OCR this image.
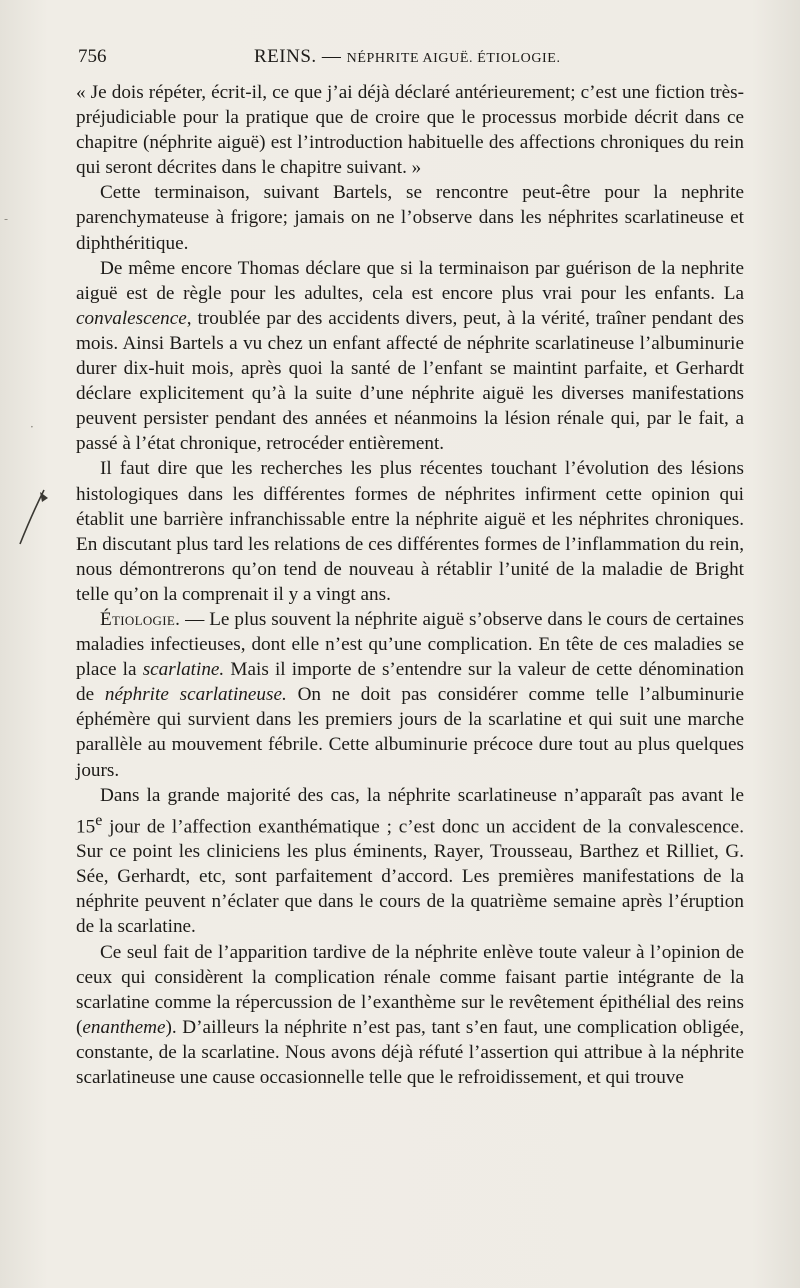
756	REINS. — NÉPHRITE AIGUË. ÉTIOLOGIE.
-
·

« Je dois répéter, écrit-il, ce que j’ai déjà déclaré antérieurement; c’est une fiction très-préjudiciable pour la pratique que de croire que le processus morbide décrit dans ce chapitre (néphrite aiguë) est l’introduction habituelle des affections chroniques du rein qui seront décrites dans le chapitre suivant. »

Cette terminaison, suivant Bartels, se rencontre peut-être pour la nephrite parenchymateuse à frigore; jamais on ne l’observe dans les néphrites scarlatineuse et diphthéritique.

De même encore Thomas déclare que si la terminaison par guérison de la nephrite aiguë est de règle pour les adultes, cela est encore plus vrai pour les enfants. La convalescence, troublée par des accidents divers, peut, à la vérité, traîner pendant des mois. Ainsi Bartels a vu chez un enfant affecté de néphrite scarlatineuse l’albuminurie durer dix-huit mois, après quoi la santé de l’enfant se maintint parfaite, et Gerhardt déclare explicitement qu’à la suite d’une néphrite aiguë les diverses manifestations peuvent persister pendant des années et néanmoins la lésion rénale qui, par le fait, a passé à l’état chronique, retrocéder entièrement.

Il faut dire que les recherches les plus récentes touchant l’évolution des lésions histologiques dans les différentes formes de néphrites infirment cette opinion qui établit une barrière infranchissable entre la néphrite aiguë et les néphrites chroniques. En discutant plus tard les relations de ces différentes formes de l’inflammation du rein, nous démontrerons qu’on tend de nouveau à rétablir l’unité de la maladie de Bright telle qu’on la comprenait il y a vingt ans.

Étiologie. — Le plus souvent la néphrite aiguë s’observe dans le cours de certaines maladies infectieuses, dont elle n’est qu’une complication. En tête de ces maladies se place la scarlatine. Mais il importe de s’entendre sur la valeur de cette dénomination de néphrite scarlatineuse. On ne doit pas considérer comme telle l’albuminurie éphémère qui survient dans les premiers jours de la scarlatine et qui suit une marche parallèle au mouvement fébrile. Cette albuminurie précoce dure tout au plus quelques jours.

Dans la grande majorité des cas, la néphrite scarlatineuse n’apparaît pas avant le 15e jour de l’affection exanthématique ; c’est donc un accident de la convalescence. Sur ce point les cliniciens les plus éminents, Rayer, Trousseau, Barthez et Rilliet, G. Sée, Gerhardt, etc, sont parfaitement d’accord. Les premières manifestations de la néphrite peuvent n’éclater que dans le cours de la quatrième semaine après l’éruption de la scarlatine.

Ce seul fait de l’apparition tardive de la néphrite enlève toute valeur à l’opinion de ceux qui considèrent la complication rénale comme faisant partie intégrante de la scarlatine comme la répercussion de l’exanthème sur le revêtement épithélial des reins (enantheme). D’ailleurs la néphrite n’est pas, tant s’en faut, une complication obligée, constante, de la scarlatine. Nous avons déjà réfuté l’assertion qui attribue à la néphrite scarlatineuse une cause occasionnelle telle que le refroidissement, et qui trouve
